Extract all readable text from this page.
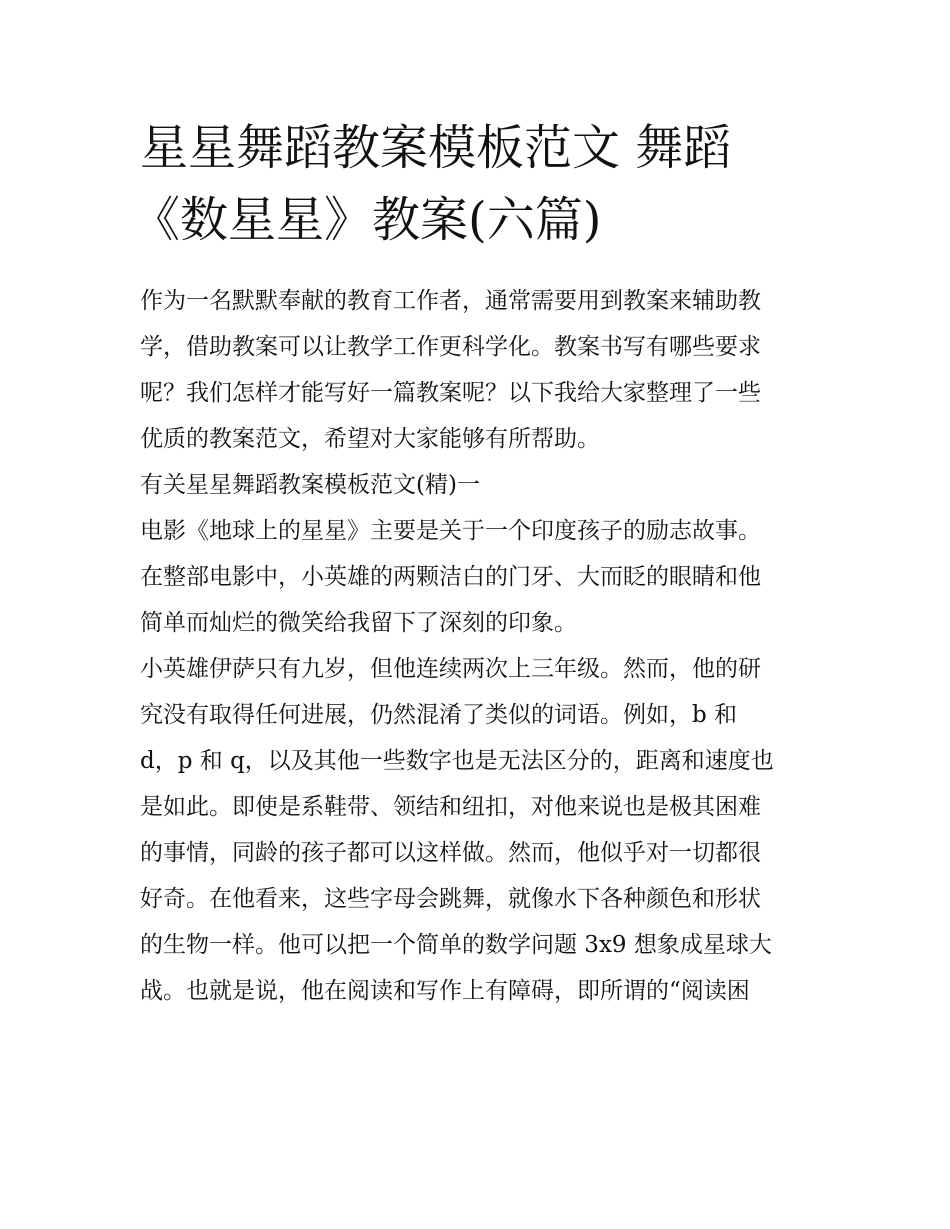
星星舞蹈教案模板范文 舞蹈
《数星星》教案(六篇)

作为一名默默奉献的教育工作者，通常需要用到教案来辅助教
学，借助教案可以让教学工作更科学化。教案书写有哪些要求
呢？我们怎样才能写好一篇教案呢？以下我给大家整理了一些
优质的教案范文，希望对大家能够有所帮助。

有关星星舞蹈教案模板范文(精)一

电影《地球上的星星》主要是关于一个印度孩子的励志故事。
在整部电影中，小英雄的两颗洁白的门牙、大而眨的眼睛和他
简单而灿烂的微笑给我留下了深刻的印象。

小英雄伊萨只有九岁，但他连续两次上三年级。然而，他的研
究没有取得任何进展，仍然混淆了类似的词语。例如，b 和
d，p 和 q，以及其他一些数字也是无法区分的，距离和速度也
是如此。即使是系鞋带、领结和纽扣，对他来说也是极其困难
的事情，同龄的孩子都可以这样做。然而，他似乎对一切都很
好奇。在他看来，这些字母会跳舞，就像水下各种颜色和形状
的生物一样。他可以把一个简单的数学问题 3x9 想象成星球大
战。也就是说，他在阅读和写作上有障碍，即所谓的“阅读困
